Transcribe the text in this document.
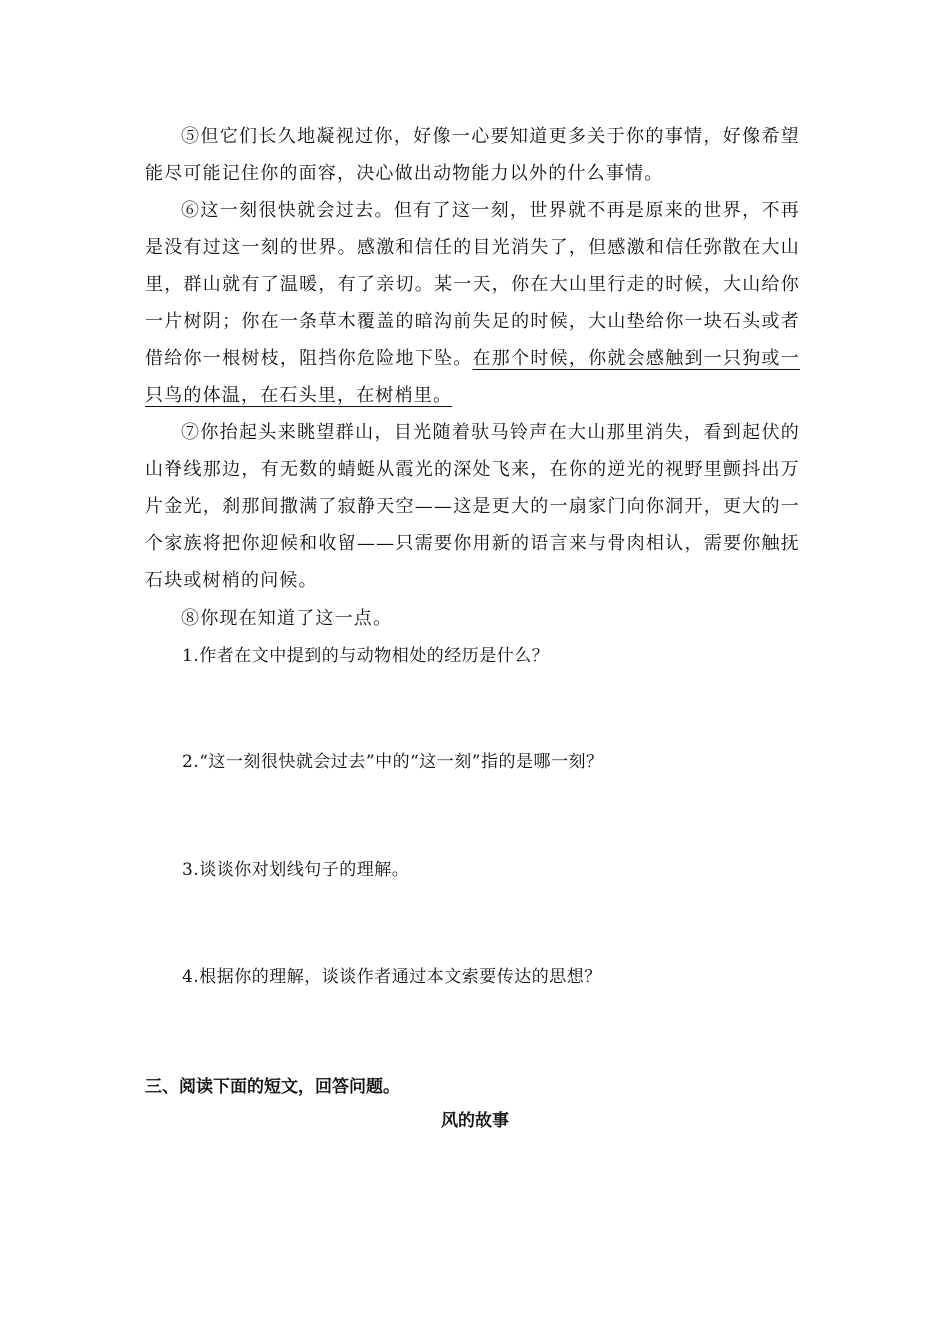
⑤但它们长久地凝视过你，好像一心要知道更多关于你的事情，好像希望能尽可能记住你的面容，决心做出动物能力以外的什么事情。

⑥这一刻很快就会过去。但有了这一刻，世界就不再是原来的世界，不再是没有过这一刻的世界。感激和信任的目光消失了，但感激和信任弥散在大山里，群山就有了温暖，有了亲切。某一天，你在大山里行走的时候，大山给你一片树阴；你在一条草木覆盖的暗沟前失足的时候，大山垫给你一块石头或者借给你一根树枝，阻挡你危险地下坠。在那个时候，你就会感触到一只狗或一只鸟的体温，在石头里，在树梢里。

⑦你抬起头来眺望群山，目光随着驮马铃声在大山那里消失，看到起伏的山脊线那边，有无数的蜻蜓从霞光的深处飞来，在你的逆光的视野里颤抖出万片金光，刹那间撒满了寂静天空——这是更大的一扇家门向你洞开，更大的一个家族将把你迎候和收留——只需要你用新的语言来与骨肉相认，需要你触抚石块或树梢的问候。

⑧你现在知道了这一点。

1.作者在文中提到的与动物相处的经历是什么？

2.“这一刻很快就会过去”中的“这一刻”指的是哪一刻？

3.谈谈你对划线句子的理解。

4.根据你的理解，谈谈作者通过本文索要传达的思想？

三、阅读下面的短文，回答问题。

风的故事
